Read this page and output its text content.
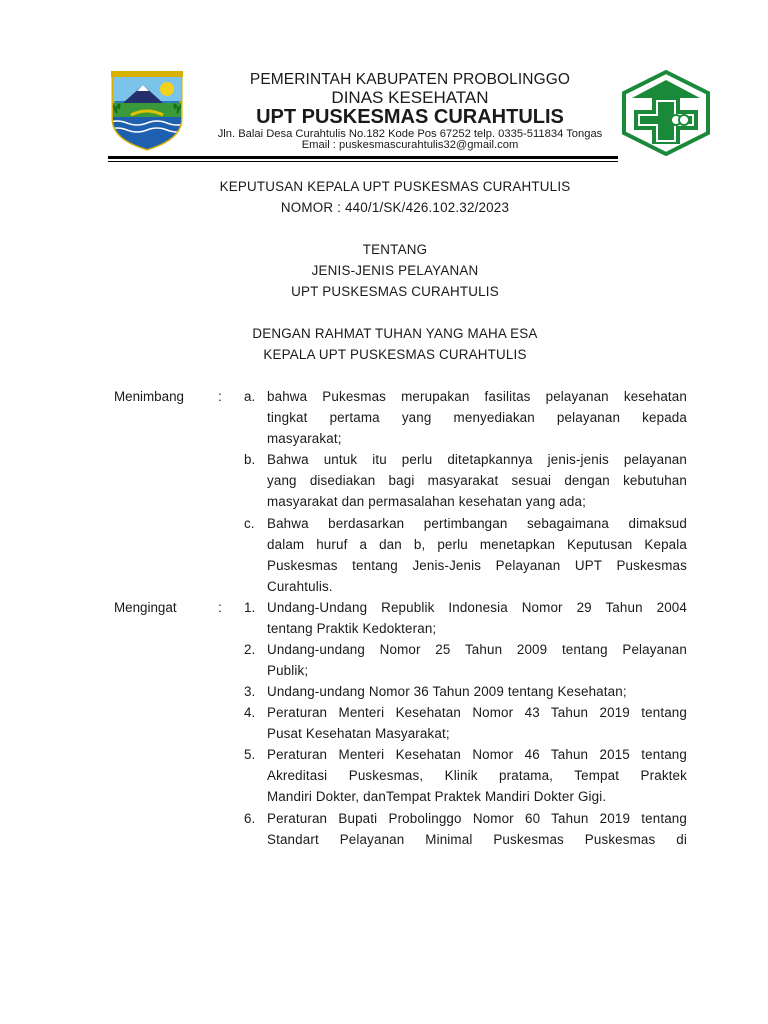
PEMERINTAH KABUPATEN PROBOLINGGO
DINAS KESEHATAN
UPT PUSKESMAS CURAHTULIS
Jln. Balai Desa Curahtulis No.182 Kode Pos 67252 telp. 0335-511834 Tongas
Email : puskesmascurahtulis32@gmail.com
KEPUTUSAN KEPALA UPT PUSKESMAS CURAHTULIS
NOMOR : 440/1/SK/426.102.32/2023
TENTANG
JENIS-JENIS PELAYANAN
UPT PUSKESMAS CURAHTULIS
DENGAN RAHMAT TUHAN YANG MAHA ESA
KEPALA UPT PUSKESMAS CURAHTULIS
Menimbang	: a. bahwa Pukesmas merupakan fasilitas pelayanan kesehatan
tingkat pertama yang menyediakan pelayanan kepada
masyarakat;
b. Bahwa untuk itu perlu ditetapkannya jenis-jenis pelayanan
yang disediakan bagi masyarakat sesuai dengan kebutuhan
masyarakat dan permasalahan kesehatan yang ada;
c. Bahwa berdasarkan pertimbangan sebagaimana dimaksud
dalam huruf a dan b, perlu menetapkan Keputusan Kepala
Puskesmas tentang Jenis-Jenis Pelayanan UPT Puskesmas
Curahtulis.
Mengingat	: 1. Undang-Undang Republik Indonesia Nomor 29 Tahun 2004
tentang Praktik Kedokteran;
2. Undang-undang Nomor 25 Tahun 2009 tentang Pelayanan
Publik;
3. Undang-undang Nomor 36 Tahun 2009 tentang Kesehatan;
4. Peraturan Menteri Kesehatan Nomor 43 Tahun 2019 tentang
Pusat Kesehatan Masyarakat;
5. Peraturan Menteri Kesehatan Nomor 46 Tahun 2015 tentang
Akreditasi Puskesmas, Klinik pratama, Tempat Praktek
Mandiri Dokter, danTempat Praktek Mandiri Dokter Gigi.
6. Peraturan Bupati Probolinggo Nomor 60 Tahun 2019 tentang
Standart Pelayanan Minimal Puskesmas Puskesmas di
